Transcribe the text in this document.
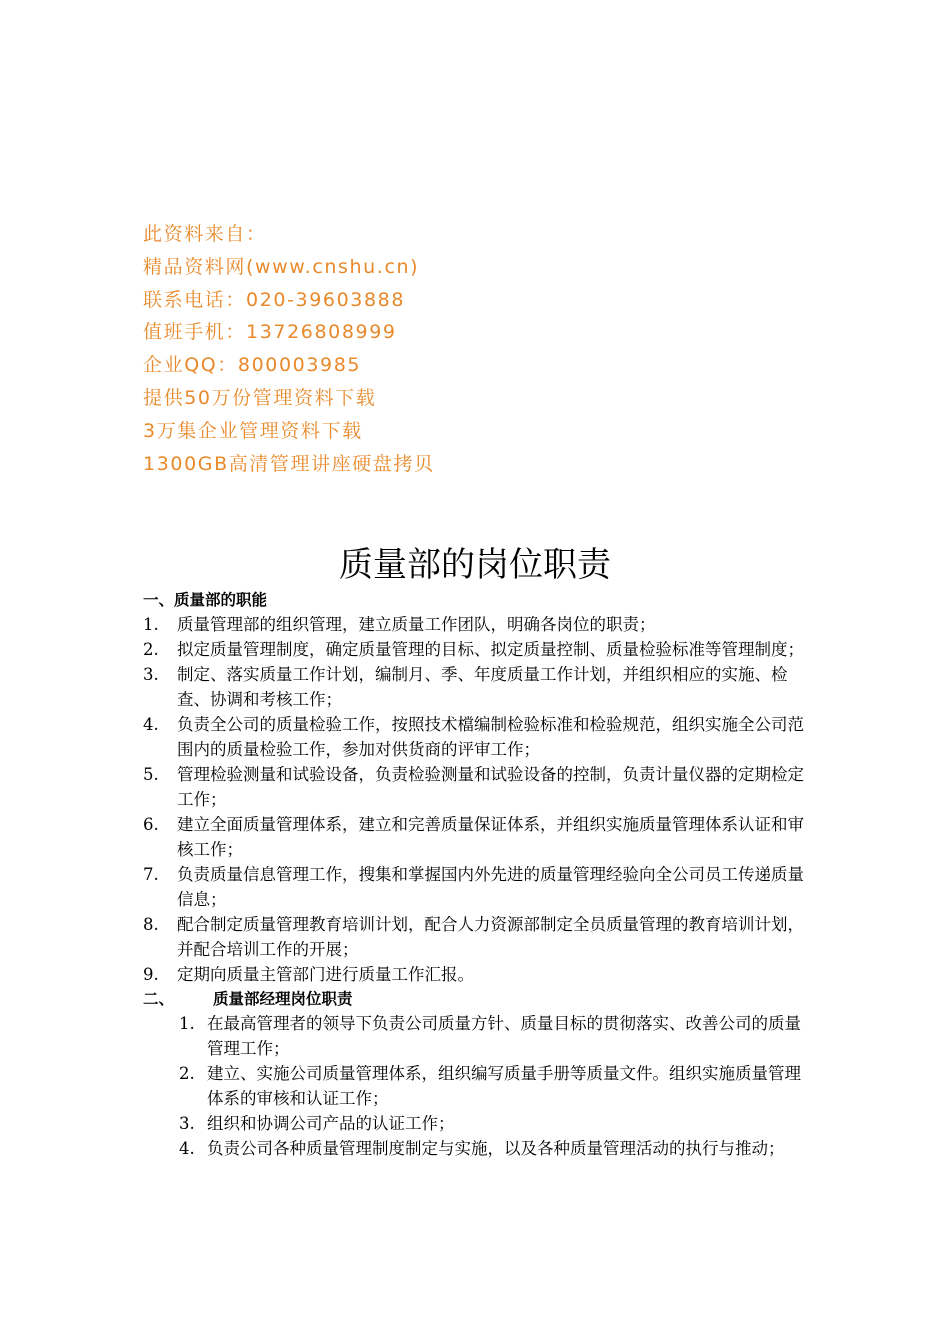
此资料来自：
精品资料网(www.cnshu.cn)
联系电话：020-39603888
值班手机：13726808999
企业QQ：800003985
提供50万份管理资料下载
3万集企业管理资料下载
1300GB高清管理讲座硬盘拷贝
质量部的岗位职责
一、质量部的职能
1. 质量管理部的组织管理，建立质量工作团队，明确各岗位的职责；
2. 拟定质量管理制度，确定质量管理的目标、拟定质量控制、质量检验标准等管理制度；
3. 制定、落实质量工作计划，编制月、季、年度质量工作计划，并组织相应的实施、检查、协调和考核工作；
4. 负责全公司的质量检验工作，按照技术檔编制检验标准和检验规范，组织实施全公司范围内的质量检验工作，参加对供货商的评审工作；
5. 管理检验测量和试验设备，负责检验测量和试验设备的控制，负责计量仪器的定期检定工作；
6. 建立全面质量管理体系，建立和完善质量保证体系，并组织实施质量管理体系认证和审核工作；
7. 负责质量信息管理工作，搜集和掌握国内外先进的质量管理经验向全公司员工传递质量信息；
8. 配合制定质量管理教育培训计划，配合人力资源部制定全员质量管理的教育培训计划，并配合培训工作的开展；
9. 定期向质量主管部门进行质量工作汇报。
二、	质量部经理岗位职责
1. 在最高管理者的领导下负责公司质量方针、质量目标的贯彻落实、改善公司的质量管理工作；
2. 建立、实施公司质量管理体系，组织编写质量手册等质量文件。组织实施质量管理体系的审核和认证工作；
3. 组织和协调公司产品的认证工作；
4. 负责公司各种质量管理制度制定与实施，以及各种质量管理活动的执行与推动；
